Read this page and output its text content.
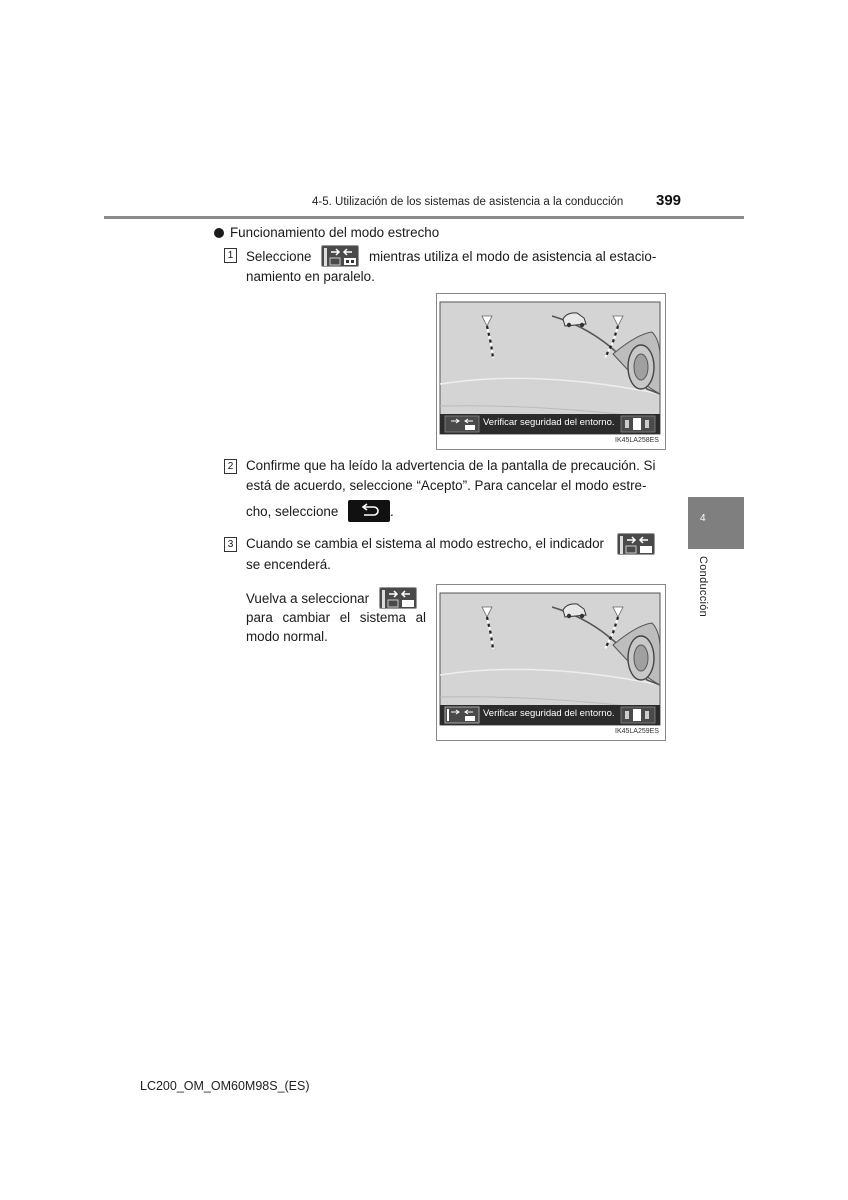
4-5. Utilización de los sistemas de asistencia a la conducción 399
4
Conducción
Funcionamiento del modo estrecho
1 Seleccione	mientras utiliza el modo de asistencia al estacio-
namiento en paralelo.
Verificar seguridad del entorno.
IK45LA258ES
2 Confirme que ha leído la advertencia de la pantalla de precaución. Si
está de acuerdo, seleccione “Acepto”. Para cancelar el modo estre-
cho, seleccione	.
3 Cuando se cambia el sistema al modo estrecho, el indicador
se encenderá.
Vuelva a seleccionar
para cambiar el sistema al
modo normal.
Verificar seguridad del entorno.
IK45LA259ES
LC200_OM_OM60M98S_(ES)
